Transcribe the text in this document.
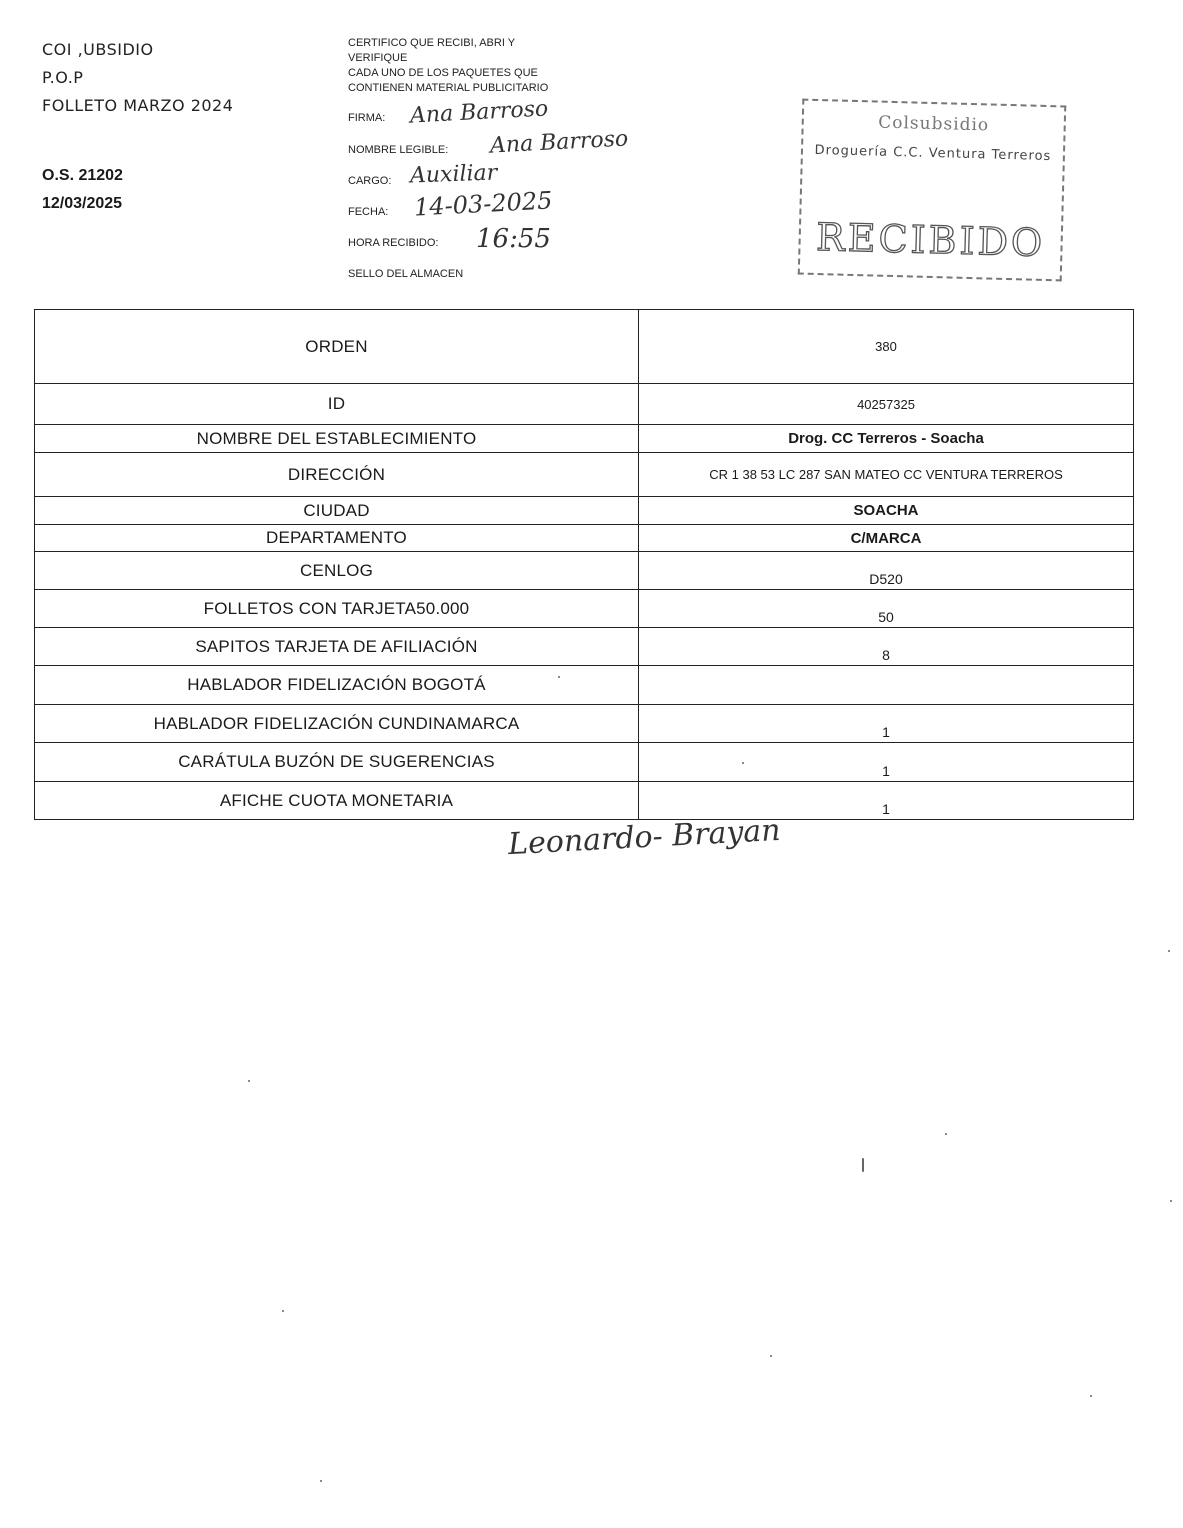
COI ,UBSIDIO
P.O.P
FOLLETO MARZO 2024
O.S. 21202
12/03/2025
CERTIFICO QUE RECIBI, ABRI Y
VERIFIQUE
CADA UNO DE LOS PAQUETES QUE
CONTIENEN MATERIAL PUBLICITARIO
FIRMA: Ana Barroso
NOMBRE LEGIBLE: Ana Barroso
CARGO: Auxiliar
FECHA: 14-03-2025
HORA RECIBIDO: 16:55
SELLO DEL ALMACEN
Colsubsidio
Droguería C.C. Ventura Terreros
RECIBIDO
ORDEN	380
ID	40257325
NOMBRE DEL ESTABLECIMIENTO	Drog. CC Terreros - Soacha
DIRECCIÓN	CR 1 38 53 LC 287 SAN MATEO CC VENTURA TERREROS
CIUDAD	SOACHA
DEPARTAMENTO	C/MARCA
CENLOG	D520
FOLLETOS CON TARJETA50.000	50
SAPITOS TARJETA DE AFILIACIÓN	8
HABLADOR FIDELIZACIÓN BOGOTÁ	
HABLADOR FIDELIZACIÓN CUNDINAMARCA	1
CARÁTULA BUZÓN DE SUGERENCIAS	1
AFICHE CUOTA MONETARIA	1
Leonardo- Brayan
